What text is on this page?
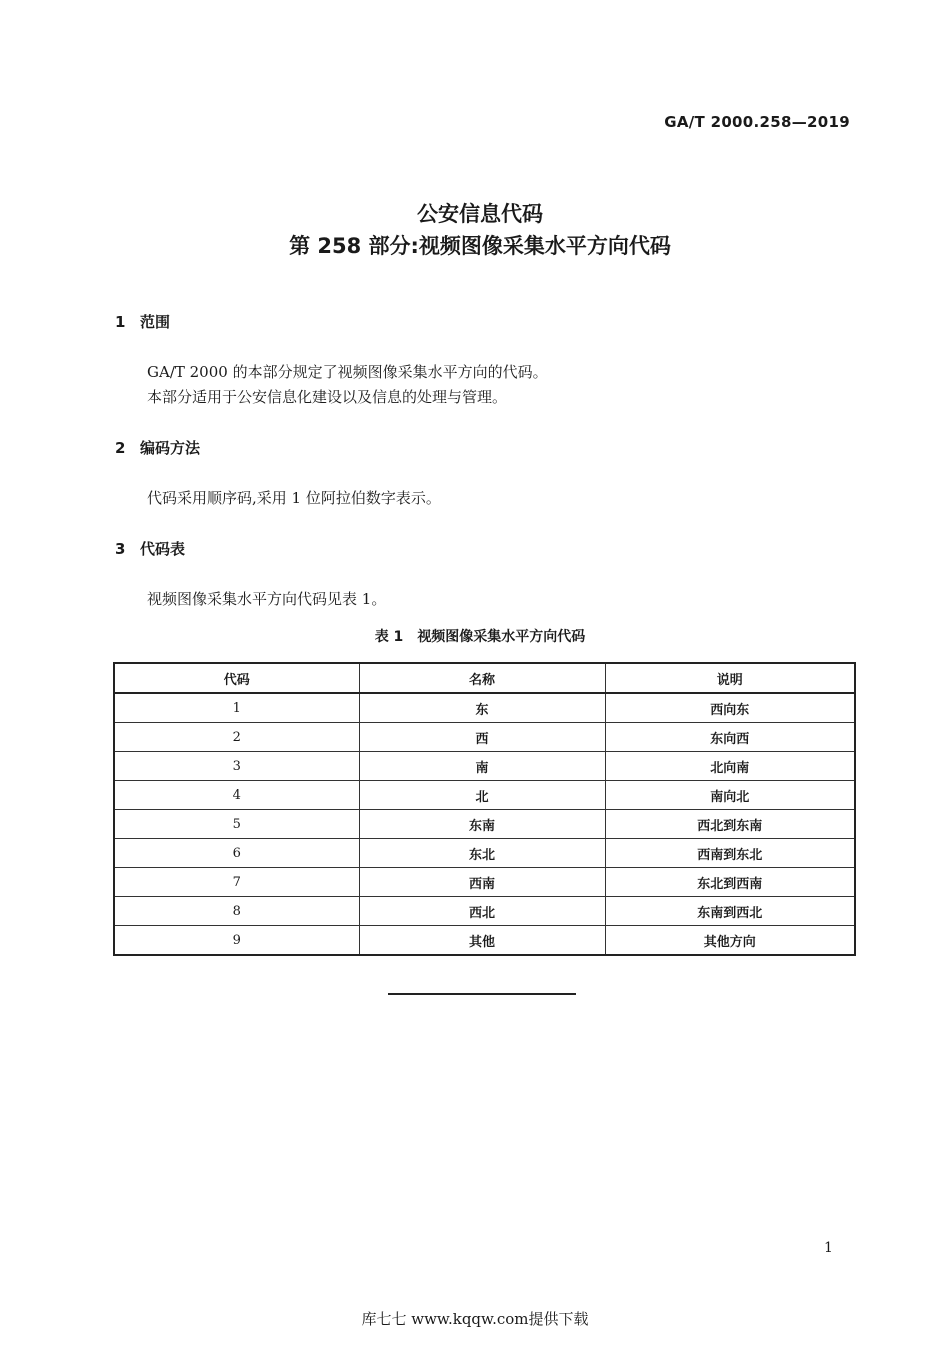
GA/T 2000.258—2019
公安信息代码
第 258 部分:视频图像采集水平方向代码
1 范围
GA/T 2000 的本部分规定了视频图像采集水平方向的代码。
本部分适用于公安信息化建设以及信息的处理与管理。
2 编码方法
代码采用顺序码,采用 1 位阿拉伯数字表示。
3 代码表
视频图像采集水平方向代码见表 1。
表 1 视频图像采集水平方向代码
代码	名称	说明
1	东	西向东
2	西	东向西
3	南	北向南
4	北	南向北
5	东南	西北到东南
6	东北	西南到东北
7	西南	东北到西南
8	西北	东南到西北
9	其他	其他方向
1
库七七 www.kqqw.com提供下载
